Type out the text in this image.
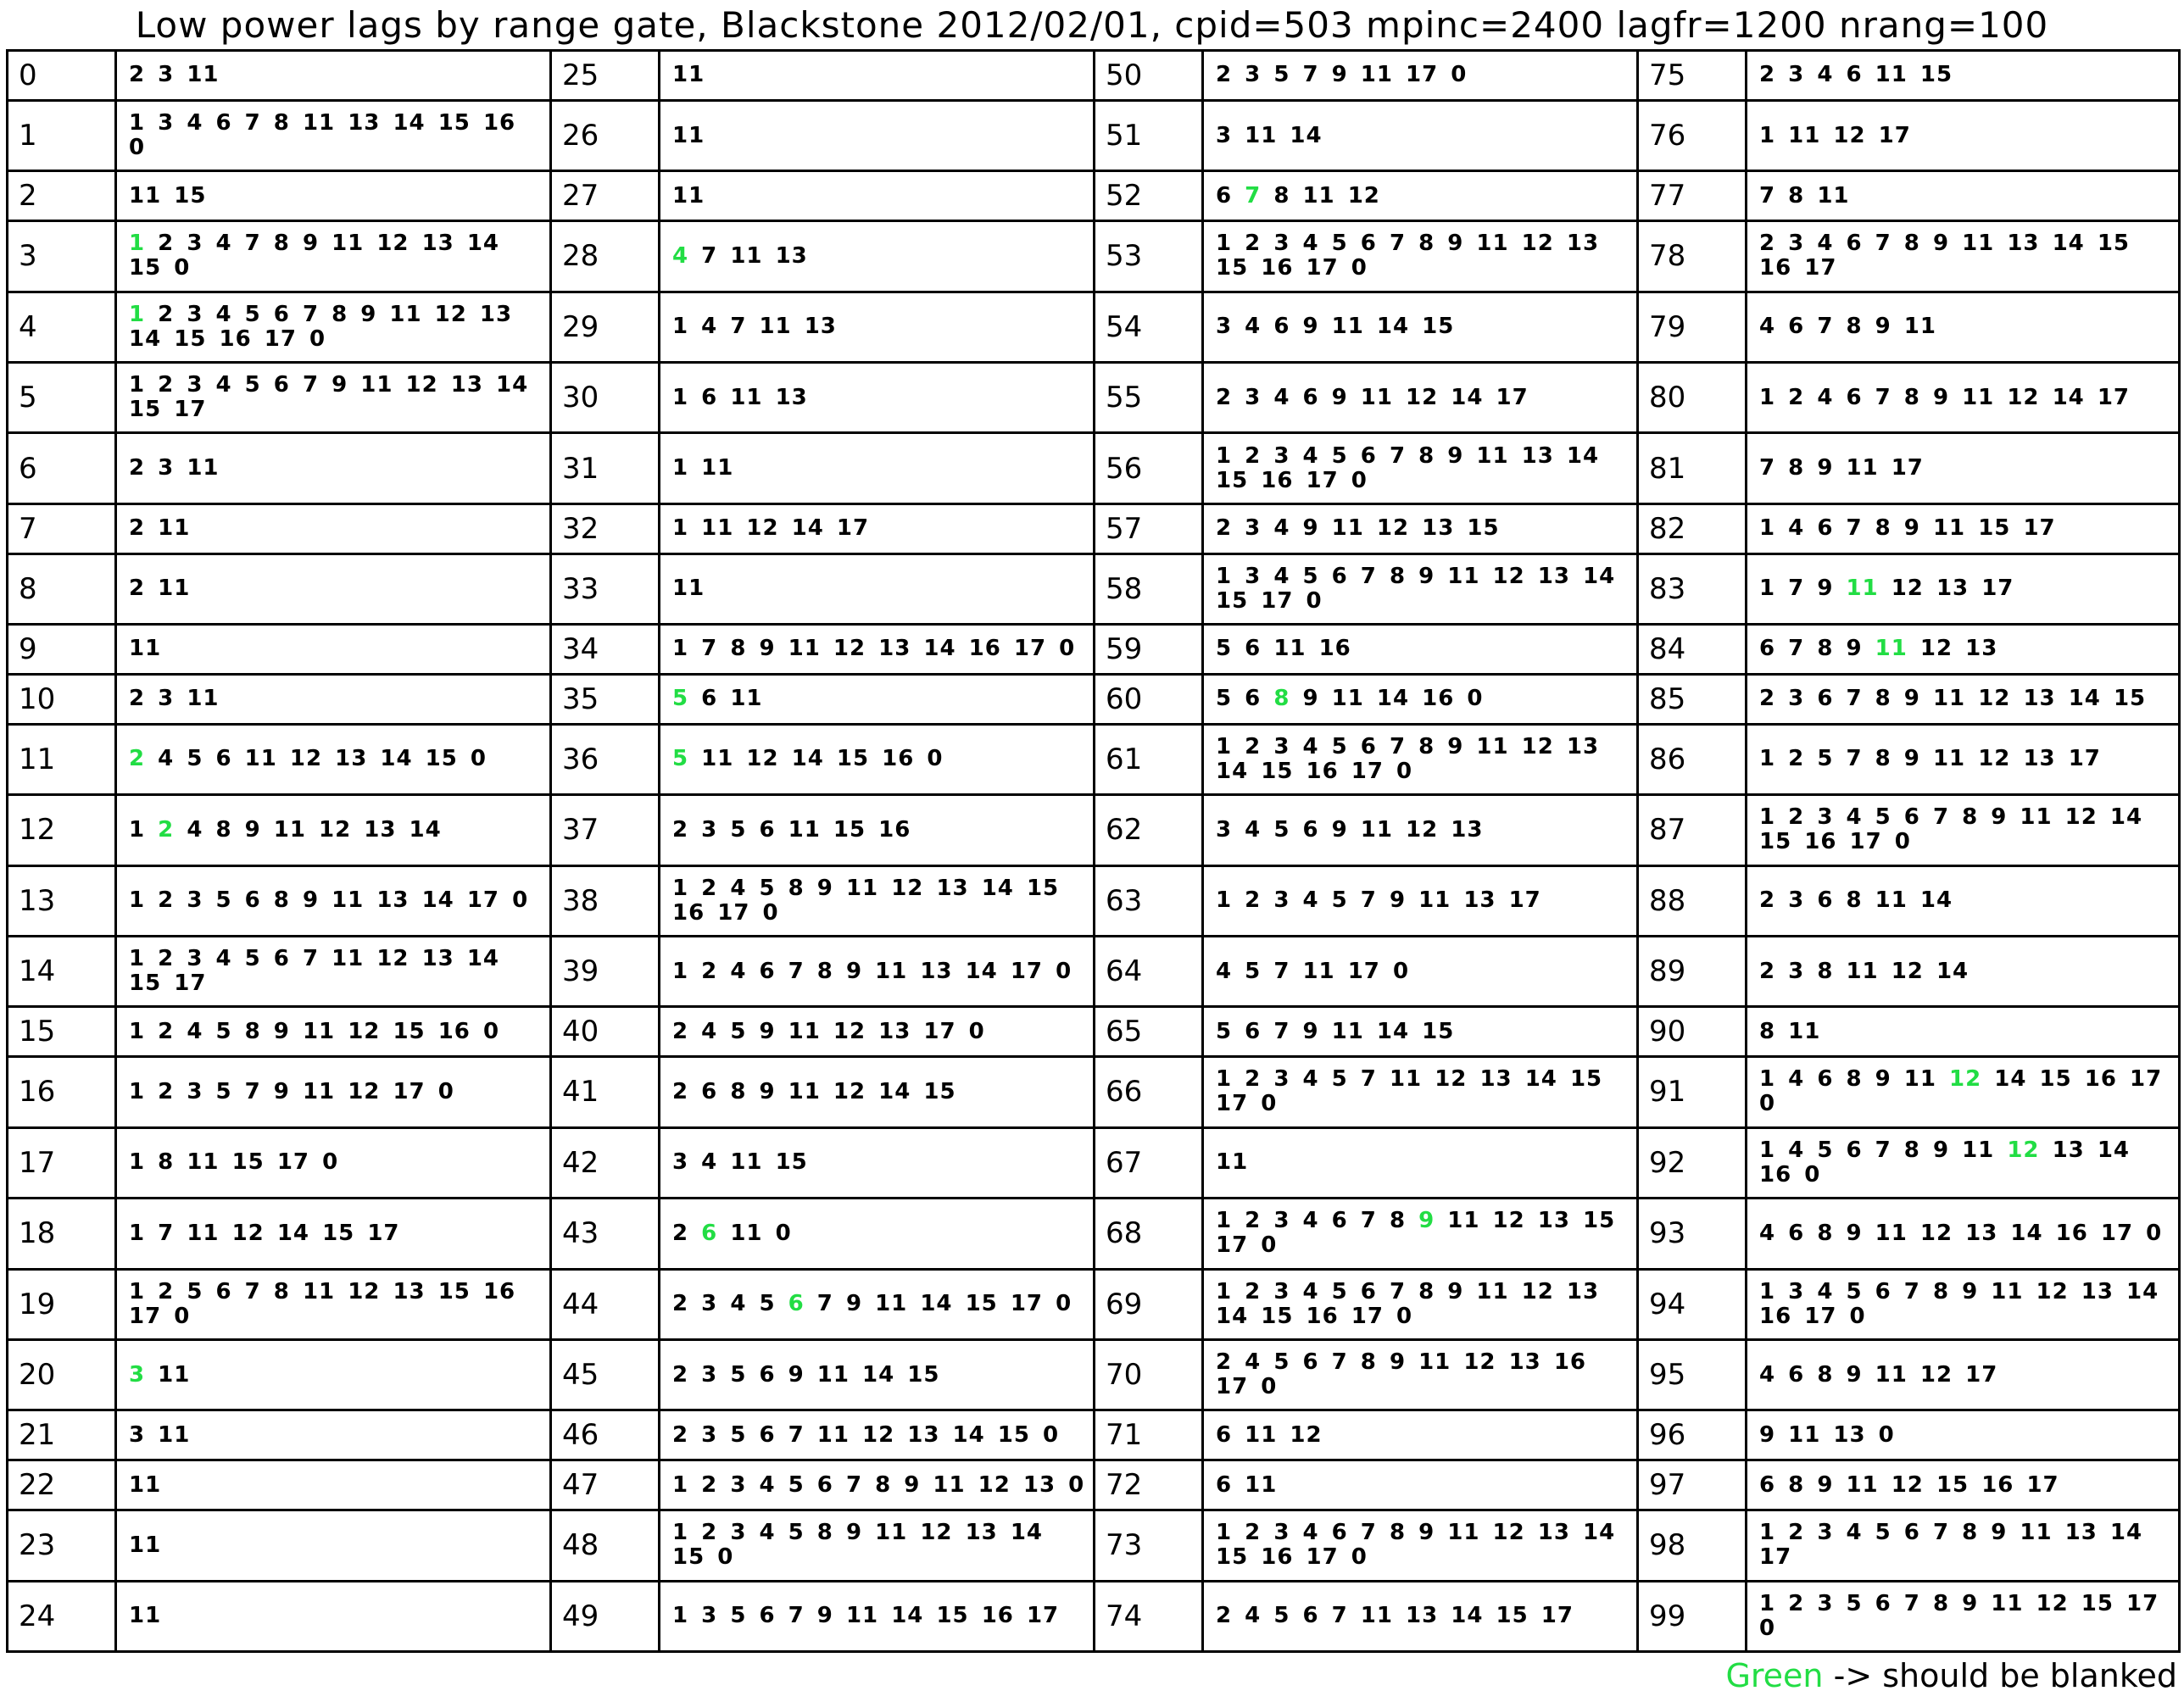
Low power lags by range gate, Blackstone 2012/02/01, cpid=503 mpinc=2400 lagfr=1200 nrang=100
0	2 3 11	25	11	50	2 3 5 7 9 11 17 0	75	2 3 4 6 11 15
1	1 3 4 6 7 8 11 13 14 15 16 0	26	11	51	3 11 14	76	1 11 12 17
2	11 15	27	11	52	6 7 8 11 12	77	7 8 11
3	1 2 3 4 7 8 9 11 12 13 14 15 0	28	4 7 11 13	53	1 2 3 4 5 6 7 8 9 11 12 13 15 16 17 0	78	2 3 4 6 7 8 9 11 13 14 15 16 17
4	1 2 3 4 5 6 7 8 9 11 12 13 14 15 16 17 0	29	1 4 7 11 13	54	3 4 6 9 11 14 15	79	4 6 7 8 9 11
5	1 2 3 4 5 6 7 9 11 12 13 14 15 17	30	1 6 11 13	55	2 3 4 6 9 11 12 14 17	80	1 2 4 6 7 8 9 11 12 14 17
6	2 3 11	31	1 11	56	1 2 3 4 5 6 7 8 9 11 13 14 15 16 17 0	81	7 8 9 11 17
7	2 11	32	1 11 12 14 17	57	2 3 4 9 11 12 13 15	82	1 4 6 7 8 9 11 15 17
8	2 11	33	11	58	1 3 4 5 6 7 8 9 11 12 13 14 15 17 0	83	1 7 9 11 12 13 17
9	11	34	1 7 8 9 11 12 13 14 16 17 0	59	5 6 11 16	84	6 7 8 9 11 12 13
10	2 3 11	35	5 6 11	60	5 6 8 9 11 14 16 0	85	2 3 6 7 8 9 11 12 13 14 15
11	2 4 5 6 11 12 13 14 15 0	36	5 11 12 14 15 16 0	61	1 2 3 4 5 6 7 8 9 11 12 13 14 15 16 17 0	86	1 2 5 7 8 9 11 12 13 17
12	1 2 4 8 9 11 12 13 14	37	2 3 5 6 11 15 16	62	3 4 5 6 9 11 12 13	87	1 2 3 4 5 6 7 8 9 11 12 14 15 16 17 0
13	1 2 3 5 6 8 9 11 13 14 17 0	38	1 2 4 5 8 9 11 12 13 14 15 16 17 0	63	1 2 3 4 5 7 9 11 13 17	88	2 3 6 8 11 14
14	1 2 3 4 5 6 7 11 12 13 14 15 17	39	1 2 4 6 7 8 9 11 13 14 17 0	64	4 5 7 11 17 0	89	2 3 8 11 12 14
15	1 2 4 5 8 9 11 12 15 16 0	40	2 4 5 9 11 12 13 17 0	65	5 6 7 9 11 14 15	90	8 11
16	1 2 3 5 7 9 11 12 17 0	41	2 6 8 9 11 12 14 15	66	1 2 3 4 5 7 11 12 13 14 15 17 0	91	1 4 6 8 9 11 12 14 15 16 17 0
17	1 8 11 15 17 0	42	3 4 11 15	67	11	92	1 4 5 6 7 8 9 11 12 13 14 16 0
18	1 7 11 12 14 15 17	43	2 6 11 0	68	1 2 3 4 6 7 8 9 11 12 13 15 17 0	93	4 6 8 9 11 12 13 14 16 17 0
19	1 2 5 6 7 8 11 12 13 15 16 17 0	44	2 3 4 5 6 7 9 11 14 15 17 0	69	1 2 3 4 5 6 7 8 9 11 12 13 14 15 16 17 0	94	1 3 4 5 6 7 8 9 11 12 13 14 16 17 0
20	3 11	45	2 3 5 6 9 11 14 15	70	2 4 5 6 7 8 9 11 12 13 16 17 0	95	4 6 8 9 11 12 17
21	3 11	46	2 3 5 6 7 11 12 13 14 15 0	71	6 11 12	96	9 11 13 0
22	11	47	1 2 3 4 5 6 7 8 9 11 12 13 0	72	6 11	97	6 8 9 11 12 15 16 17
23	11	48	1 2 3 4 5 8 9 11 12 13 14 15 0	73	1 2 3 4 6 7 8 9 11 12 13 14 15 16 17 0	98	1 2 3 4 5 6 7 8 9 11 13 14 17
24	11	49	1 3 5 6 7 9 11 14 15 16 17	74	2 4 5 6 7 11 13 14 15 17	99	1 2 3 5 6 7 8 9 11 12 15 17 0
Green -> should be blanked
